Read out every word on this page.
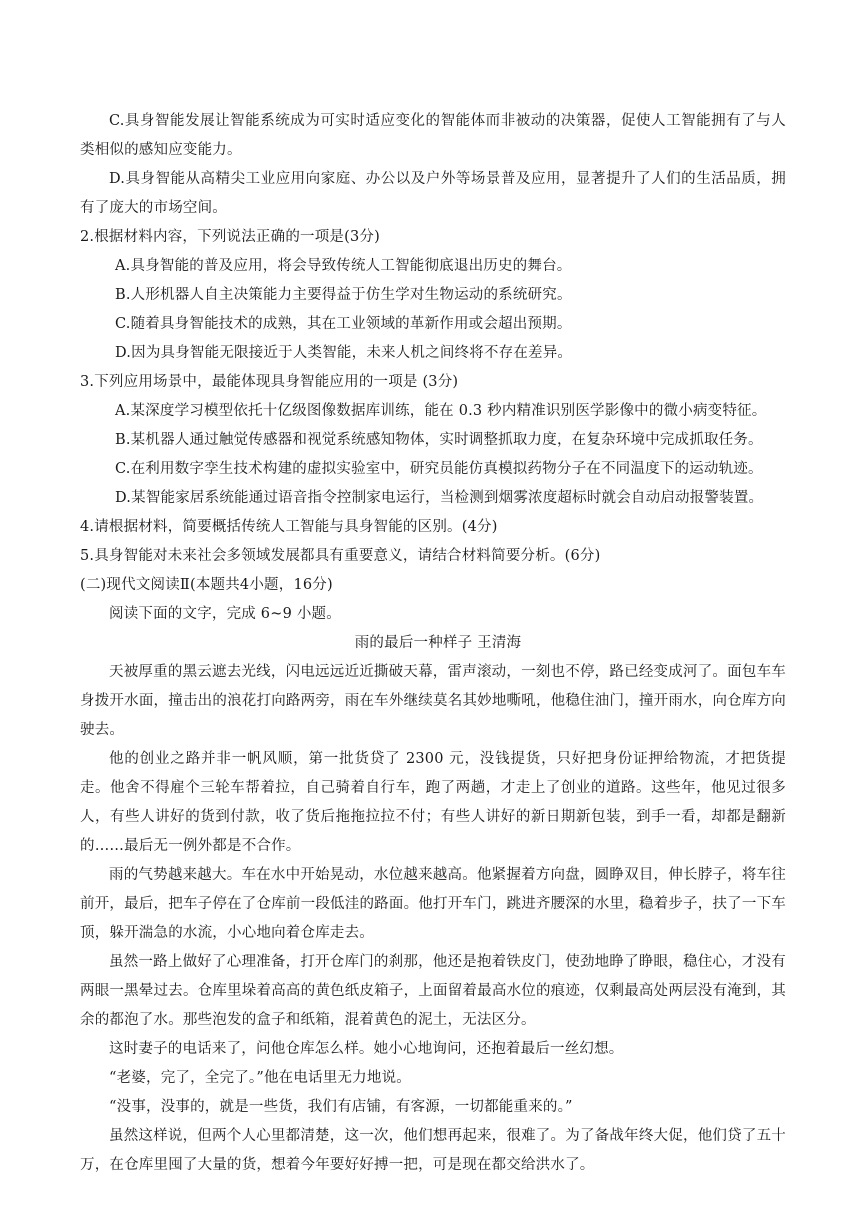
C.具身智能发展让智能系统成为可实时适应变化的智能体而非被动的决策器，促使人工智能拥有了与人类相似的感知应变能力。

D.具身智能从高精尖工业应用向家庭、办公以及户外等场景普及应用，显著提升了人们的生活品质，拥有了庞大的市场空间。

2.根据材料内容，下列说法正确的一项是(3分)

A.具身智能的普及应用，将会导致传统人工智能彻底退出历史的舞台。

B.人形机器人自主决策能力主要得益于仿生学对生物运动的系统研究。

C.随着具身智能技术的成熟，其在工业领域的革新作用或会超出预期。

D.因为具身智能无限接近于人类智能，未来人机之间终将不存在差异。

3.下列应用场景中，最能体现具身智能应用的一项是 (3分)

A.某深度学习模型依托十亿级图像数据库训练，能在 0.3 秒内精准识别医学影像中的微小病变特征。

B.某机器人通过触觉传感器和视觉系统感知物体，实时调整抓取力度，在复杂环境中完成抓取任务。

C.在利用数字孪生技术构建的虚拟实验室中，研究员能仿真模拟药物分子在不同温度下的运动轨迹。

D.某智能家居系统能通过语音指令控制家电运行，当检测到烟雾浓度超标时就会自动启动报警装置。

4.请根据材料，简要概括传统人工智能与具身智能的区别。(4分)

5.具身智能对未来社会多领域发展都具有重要意义，请结合材料简要分析。(6分)

(二)现代文阅读Ⅱ(本题共4小题，16分)

阅读下面的文字，完成 6~9 小题。

雨的最后一种样子 王清海

天被厚重的黑云遮去光线，闪电远远近近撕破天幕，雷声滚动，一刻也不停，路已经变成河了。面包车车身拨开水面，撞击出的浪花打向路两旁，雨在车外继续莫名其妙地嘶吼，他稳住油门，撞开雨水，向仓库方向驶去。

他的创业之路并非一帆风顺，第一批货贷了 2300 元，没钱提货，只好把身份证押给物流，才把货提走。他舍不得雇个三轮车帮着拉，自己骑着自行车，跑了两趟，才走上了创业的道路。这些年，他见过很多人，有些人讲好的货到付款，收了货后拖拖拉拉不付；有些人讲好的新日期新包装，到手一看，却都是翻新的……最后无一例外都是不合作。

雨的气势越来越大。车在水中开始晃动，水位越来越高。他紧握着方向盘，圆睁双目，伸长脖子，将车往前开，最后，把车子停在了仓库前一段低洼的路面。他打开车门，跳进齐腰深的水里，稳着步子，扶了一下车顶，躲开湍急的水流，小心地向着仓库走去。

虽然一路上做好了心理准备，打开仓库门的刹那，他还是抱着铁皮门，使劲地睁了睁眼，稳住心，才没有两眼一黑晕过去。仓库里垛着高高的黄色纸皮箱子，上面留着最高水位的痕迹，仅剩最高处两层没有淹到，其余的都泡了水。那些泡发的盒子和纸箱，混着黄色的泥土，无法区分。

这时妻子的电话来了，问他仓库怎么样。她小心地询问，还抱着最后一丝幻想。

“老婆，完了，全完了。”他在电话里无力地说。

“没事，没事的，就是一些货，我们有店铺，有客源，一切都能重来的。”

虽然这样说，但两个人心里都清楚，这一次，他们想再起来，很难了。为了备战年终大促，他们贷了五十万，在仓库里囤了大量的货，想着今年要好好搏一把，可是现在都交给洪水了。
